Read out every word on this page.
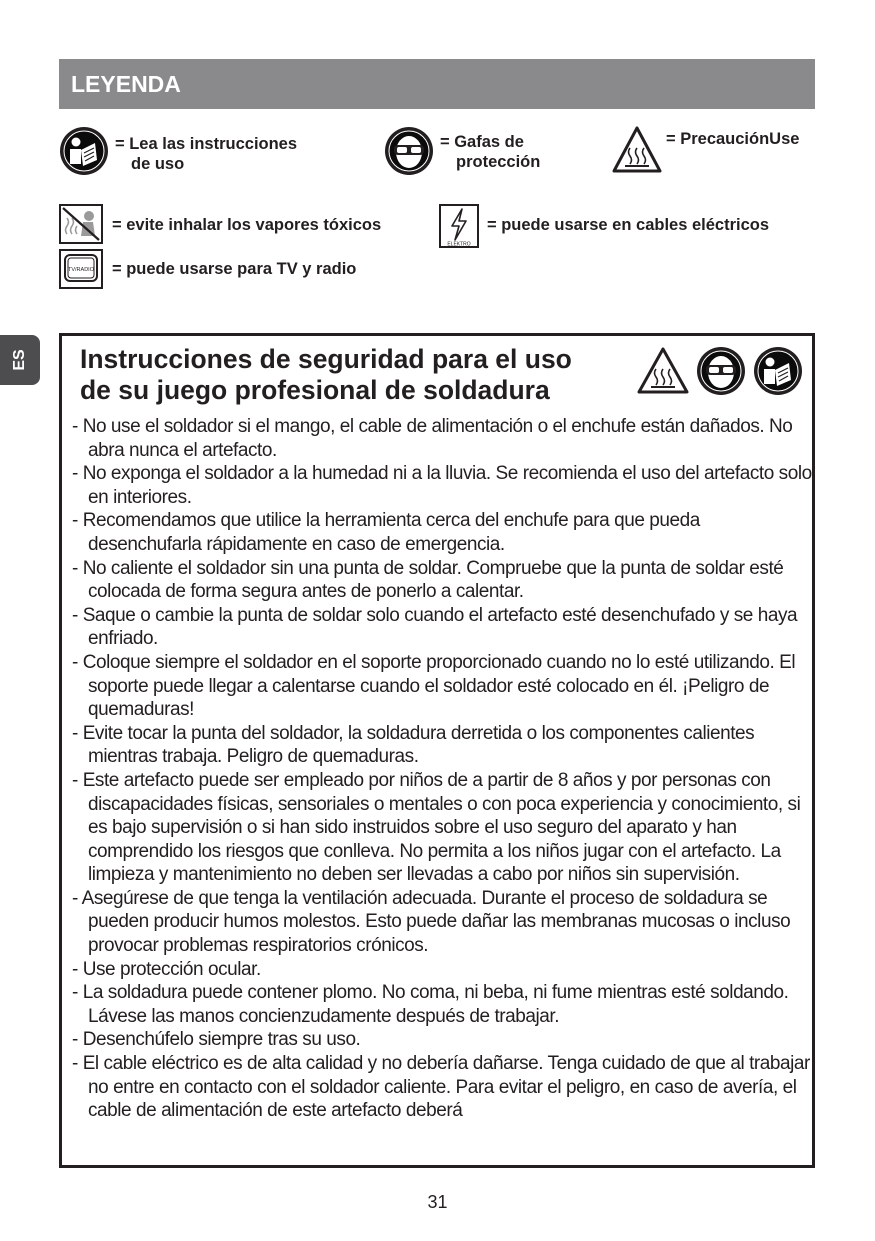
LEYENDA
= Lea las instrucciones
de uso
= Gafas de
protección
= PrecauciónUse
= evite inhalar los vapores tóxicos
ELEKTRO
= puede usarse en cables eléctricos
TV/RADIO = puede usarse para TV y radio
ES Instrucciones de seguridad para el uso
de su juego profesional de soldadura
- No use el soldador si el mango, el cable de alimentación o el enchufe están dañados. No abra nunca el artefacto.
- No exponga el soldador a la humedad ni a la lluvia. Se recomienda el uso del artefacto solo en interiores.
- Recomendamos que utilice la herramienta cerca del enchufe para que pueda desenchufarla rápidamente en caso de emergencia.
- No caliente el soldador sin una punta de soldar. Compruebe que la punta de soldar esté colocada de forma segura antes de ponerlo a calentar.
- Saque o cambie la punta de soldar solo cuando el artefacto esté desenchufado y se haya enfriado.
- Coloque siempre el soldador en el soporte proporcionado cuando no lo esté utilizando. El soporte puede llegar a calentarse cuando el soldador esté colocado en él. ¡Peligro de quemaduras!
- Evite tocar la punta del soldador, la soldadura derretida o los componentes calientes mientras trabaja. Peligro de quemaduras.
- Este artefacto puede ser empleado por niños de a partir de 8 años y por personas con discapacidades físicas, sensoriales o mentales o con poca experiencia y conocimiento, si es bajo supervisión o si han sido instruidos sobre el uso seguro del aparato y han comprendido los riesgos que conlleva. No permita a los niños jugar con el artefacto. La limpieza y mantenimiento no deben ser llevadas a cabo por niños sin supervisión.
- Asegúrese de que tenga la ventilación adecuada. Durante el proceso de soldadura se pueden producir humos molestos. Esto puede dañar las membranas mucosas o incluso provocar problemas respiratorios crónicos.
- Use protección ocular.
- La soldadura puede contener plomo. No coma, ni beba, ni fume mientras esté soldando. Lávese las manos concienzudamente después de trabajar.
- Desenchúfelo siempre tras su uso.
- El cable eléctrico es de alta calidad y no debería dañarse. Tenga cuidado de que al trabajar no entre en contacto con el soldador caliente. Para evitar el peligro, en caso de avería, el cable de alimentación de este artefacto deberá
31
